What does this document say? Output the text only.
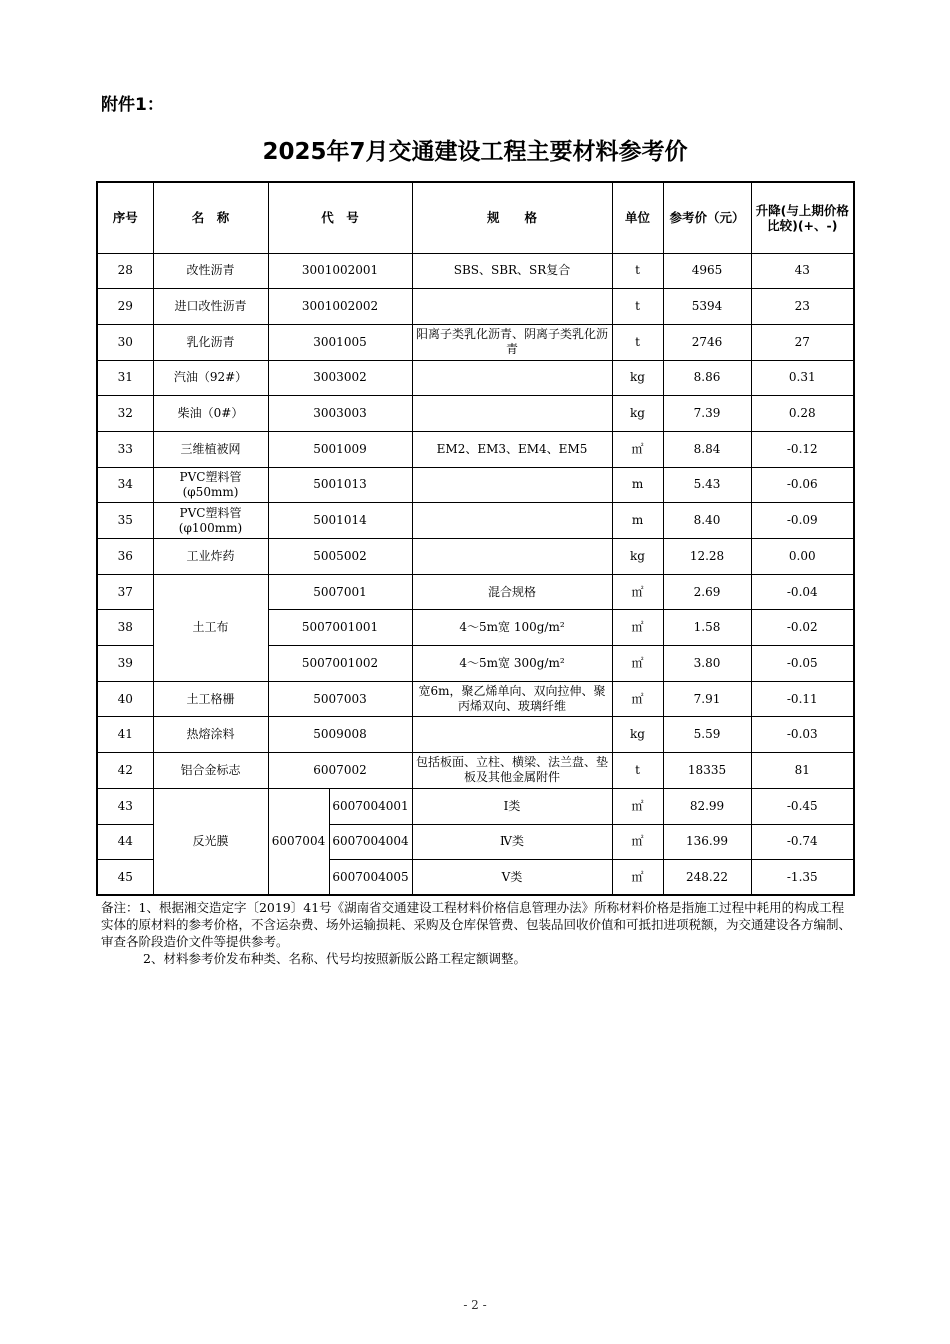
附件1：
2025年7月交通建设工程主要材料参考价
序号	名　称	代　号		规　　格	单位	参考价（元）	升降(与上期价格比较)(+、-)
28	改性沥青	3001002001		SBS、SBR、SR复合	t	4965	43
29	进口改性沥青	3001002002			t	5394	23
30	乳化沥青	3001005		阳离子类乳化沥青、阴离子类乳化沥青	t	2746	27
31	汽油（92#）	3003002			kg	8.86	0.31
32	柴油（0#）	3003003			kg	7.39	0.28
33	三维植被网	5001009		EM2、EM3、EM4、EM5	㎡	8.84	-0.12
34	PVC塑料管(φ50mm)	5001013			m	5.43	-0.06
35	PVC塑料管(φ100mm)	5001014			m	8.40	-0.09
36	工业炸药	5005002			kg	12.28	0.00
37	土工布	5007001		混合规格	㎡	2.69	-0.04
38		5007001001		4～5m宽 100g/m²	㎡	1.58	-0.02
39		5007001002		4～5m宽 300g/m²	㎡	3.80	-0.05
40	土工格栅	5007003		宽6m，聚乙烯单向、双向拉伸、聚丙烯双向、玻璃纤维	㎡	7.91	-0.11
41	热熔涂料	5009008			kg	5.59	-0.03
42	铝合金标志	6007002		包括板面、立柱、横梁、法兰盘、垫板及其他金属附件	t	18335	81
43	反光膜	6007004	6007004001	Ⅰ类	㎡	82.99	-0.45
44			6007004004	Ⅳ类	㎡	136.99	-0.74
45			6007004005	Ⅴ类	㎡	248.22	-1.35

备注：1、根据湘交造定字〔2019〕41号《湖南省交通建设工程材料价格信息管理办法》所称材料价格是指施工过程中耗用的构成工程实体的原材料的参考价格，不含运杂费、场外运输损耗、采购及仓库保管费、包装品回收价值和可抵扣进项税额，为交通建设各方编制、审查各阶段造价文件等提供参考。

2、材料参考价发布种类、名称、代号均按照新版公路工程定额调整。

- 2 -
